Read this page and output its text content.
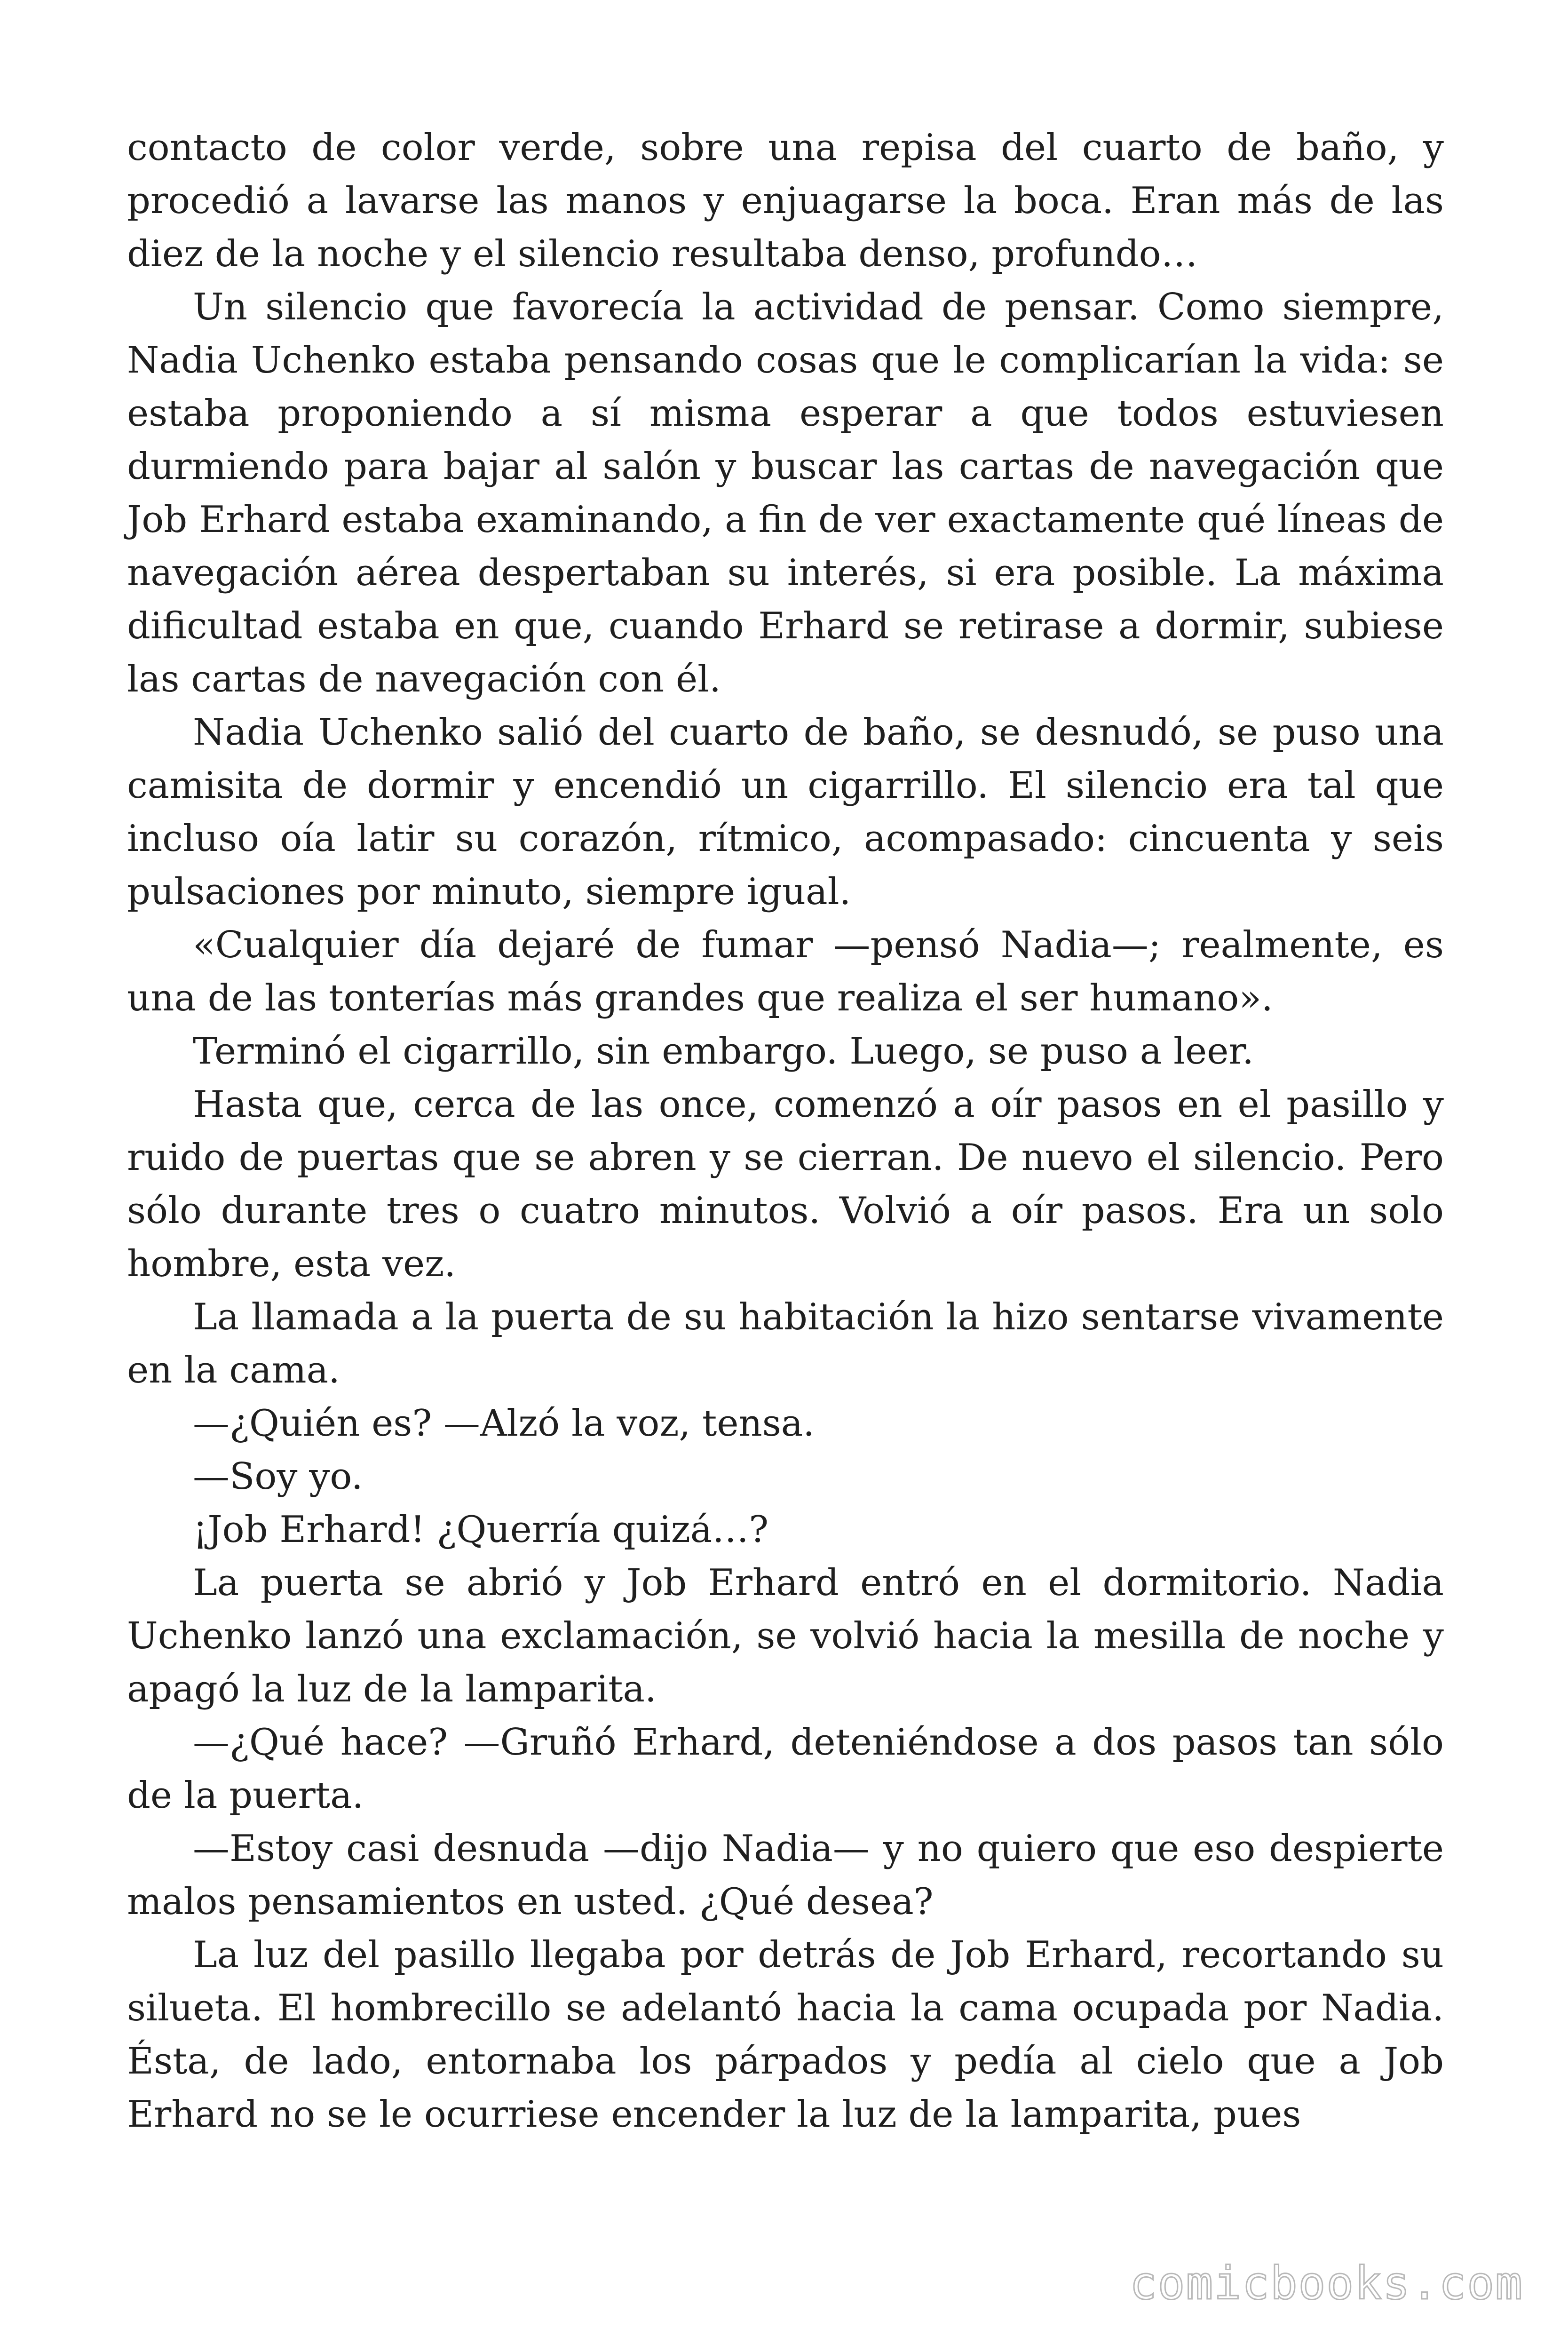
contacto de color verde, sobre una repisa del cuarto de baño, y procedió a lavarse las manos y enjuagarse la boca. Eran más de las diez de la noche y el silencio resultaba denso, profundo…

Un silencio que favorecía la actividad de pensar. Como siempre, Nadia Uchenko estaba pensando cosas que le complicarían la vida: se estaba proponiendo a sí misma esperar a que todos estuviesen durmiendo para bajar al salón y buscar las cartas de navegación que Job Erhard estaba examinando, a fin de ver exactamente qué líneas de navegación aérea despertaban su interés, si era posible. La máxima dificultad estaba en que, cuando Erhard se retirase a dormir, subiese las cartas de navegación con él.

Nadia Uchenko salió del cuarto de baño, se desnudó, se puso una camisita de dormir y encendió un cigarrillo. El silencio era tal que incluso oía latir su corazón, rítmico, acompasado: cincuenta y seis pulsaciones por minuto, siempre igual.

«Cualquier día dejaré de fumar —pensó Nadia—; realmente, es una de las tonterías más grandes que realiza el ser humano».

Terminó el cigarrillo, sin embargo. Luego, se puso a leer.

Hasta que, cerca de las once, comenzó a oír pasos en el pasillo y ruido de puertas que se abren y se cierran. De nuevo el silencio. Pero sólo durante tres o cuatro minutos. Volvió a oír pasos. Era un solo hombre, esta vez.

La llamada a la puerta de su habitación la hizo sentarse vivamente en la cama.

—¿Quién es? —Alzó la voz, tensa.

—Soy yo.

¡Job Erhard! ¿Querría quizá…?

La puerta se abrió y Job Erhard entró en el dormitorio. Nadia Uchenko lanzó una exclamación, se volvió hacia la mesilla de noche y apagó la luz de la lamparita.

—¿Qué hace? —Gruñó Erhard, deteniéndose a dos pasos tan sólo de la puerta.

—Estoy casi desnuda —dijo Nadia— y no quiero que eso despierte malos pensamientos en usted. ¿Qué desea?

La luz del pasillo llegaba por detrás de Job Erhard, recortando su silueta. El hombrecillo se adelantó hacia la cama ocupada por Nadia. Ésta, de lado, entornaba los párpados y pedía al cielo que a Job Erhard no se le ocurriese encender la luz de la lamparita, pues

comicbooks.com
